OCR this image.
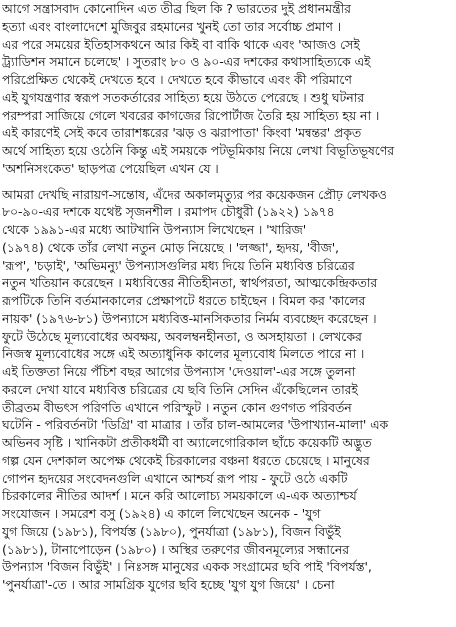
আগে সন্ত্রাসবাদ কোনোদিন এত তীব্র ছিল কি ? ভারতের দুই প্রধানমন্ত্রীর
হত্যা এবং বাংলাদেশে মুজিবুর রহমানের খুনই তো তার সর্বোচ্চ প্রমাণ ।
এর পরে সময়ের ইতিহাসকথনে আর কিই বা বাকি থাকে এবং 'আজও সেই
ট্র্যাডিশন সমানে চলেছে' । সুতরাং ৮০ ও ৯০-এর দশকের কথাসাহিত্যকে এই
পরিপ্রেক্ষিত থেকেই দেখতে হবে । দেখতে হবে কীভাবে এবং কী পরিমাণে
এই যুগযন্ত্রণার স্বরূপ সতকর্তারের সাহিত্য হয়ে উঠতে পেরেছে । শুধু ঘটনার
পরম্পরা সাজিয়ে গেলে খবরের কাগজের রিপোর্টাজ তৈরি হয় সাহিত্য হয় না ।
এই কারণেই সেই কবে তারাশঙ্করের 'ঝড় ও ঝরাপাতা' কিংবা 'মন্বন্তর' প্রকৃত
অর্থে সাহিত্য হয়ে ওঠেনি কিন্তু এই সময়কে পটভূমিকায় নিয়ে লেখা বিভূতিভূষণের
'অশনিসংকেত' ছাড়পত্র পেয়েছিল এখন যে ।
আমরা দেখছি নারায়ণ-সন্তোষ, এঁদের অকালমৃত্যুর পর কয়েকজন প্রৌঢ় লেখকও
৮০-৯০-এর দশকে যথেষ্ট সৃজনশীল । রমাপদ চৌধুরী (১৯২২) ১৯৭৪
থেকে ১৯৯১-এর মধ্যে আটখানি উপন্যাস লিখেছেন । 'খারিজ'
(১৯৭৪) থেকে তাঁর লেখা নতুন মোড় নিয়েছে । 'লজ্জা', হৃদয়, 'বীজ',
'রূপ', 'চড়াই', 'অভিমন্যু' উপন্যাসগুলির মধ্য দিয়ে তিনি মধ্যবিত্ত চরিত্রের
নতুন খতিয়ান করেছেন । মধ্যবিত্তের নীতিহীনতা, স্বার্থপরতা, আত্মকেন্দ্রিকতার
রূপটিকে তিনি বর্তমানকালের প্রেক্ষাপটে ধরতে চাইছেন । বিমল কর 'কালের
নায়ক' (১৯৭৬-৮১) উপন্যাসে মধ্যবিত্ত-মানসিকতার নির্মম ব্যবচ্ছেদ করেছেন ।
ফুটে উঠেছে মূল্যবোধের অবক্ষয়, অবলম্বনহীনতা, ও অসহায়তা । লেখকের
নিজস্ব মূল্যবোধের সঙ্গে এই অত্যাধুনিক কালের মূল্যবোধ মিলতে পারে না ।
এই তিক্ততা নিয়ে পঁচিশ বছর আগের উপন্যাস 'দেওয়াল'-এর সঙ্গে তুলনা
করলে দেখা যাবে মধ্যবিত্ত চরিত্রের যে ছবি তিনি সেদিন এঁকেছিলেন তারই
তীব্রতম বীভৎস পরিণতি এখানে পরিস্ফুট । নতুন কোন গুণগত পরিবর্তন
ঘটেনি - পরিবর্তনটা 'ডিগ্রি' বা মাত্রার । তাঁর চাল-আমলের 'উপাখ্যান-মালা' এক
অভিনব সৃষ্টি । খানিকটা প্রতীকধর্মী বা অ্যালেগোরিকাল ছাঁচে কয়েকটি অদ্ভুত
গল্প যেন দেশকাল অপেক্ষ থেকেই চিরকালের বঞ্চনা ধরতে চেয়েছে । মানুষের
গোপন হৃদয়ের সংবেদনগুলি এখানে আশ্চর্য রূপ পায় - ফুটে ওঠে একটি
চিরকালের নীতির আদর্শ । মনে করি আলোচ্য সময়কালে এ-এক অত্যাশ্চর্য
সংযোজন । সমরেশ বসু (১৯২৪) এ কালে লিখেছেন অনেক - 'যুগ
যুগ জিয়ে (১৯৮১), বিপর্যস্ত (১৯৮০), পুনর্যাত্রা (১৯৮১), বিজন বিভুঁই
(১৯৮১), টানাপোড়েন (১৯৮০) । অস্থির তরুণের জীবনমূল্যের সন্ধানের
উপন্যাস 'বিজন বিভুঁই' । নিঃসঙ্গ মানুষের একক সংগ্রামের ছবি পাই 'বিপর্যস্ত',
'পুনর্যাত্রা'-তে । আর সামগ্রিক যুগের ছবি হচ্ছে 'যুগ যুগ জিয়ে' । চেনা
